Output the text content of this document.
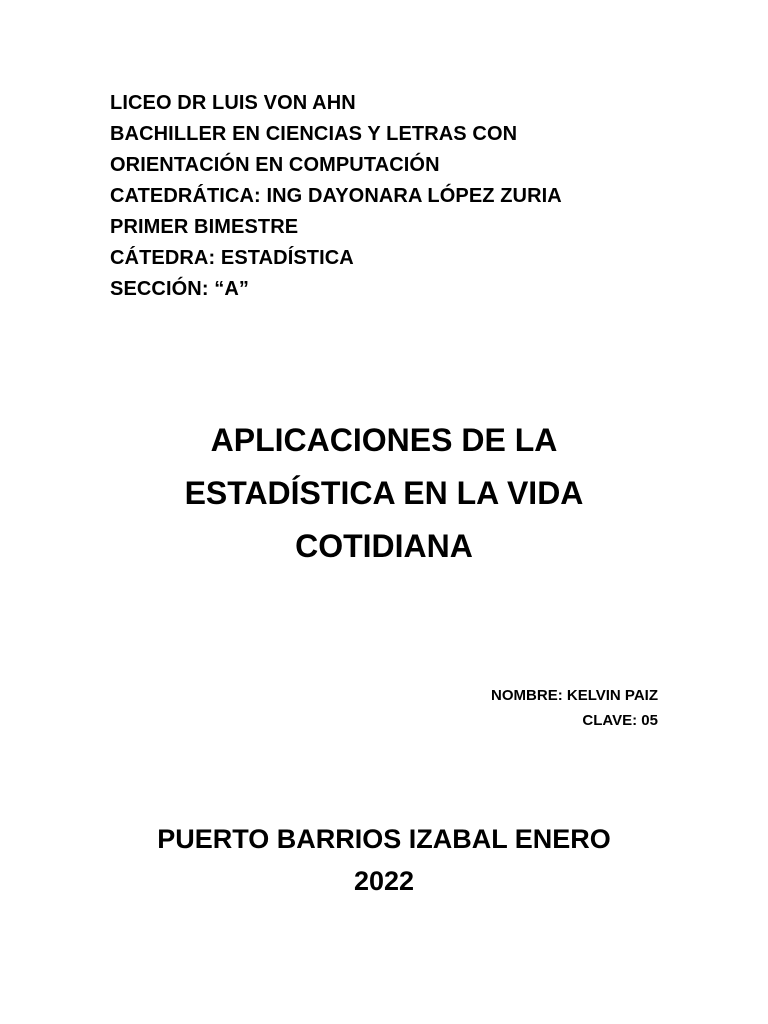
LICEO DR LUIS VON AHN
BACHILLER EN CIENCIAS Y LETRAS CON
ORIENTACIÓN EN COMPUTACIÓN
CATEDRÁTICA: ING DAYONARA LÓPEZ ZURIA
PRIMER BIMESTRE
CÁTEDRA: ESTADÍSTICA
SECCIÓN: “A”
APLICACIONES DE LA
ESTADÍSTICA EN LA VIDA
COTIDIANA
NOMBRE: KELVIN PAIZ
CLAVE: 05
PUERTO BARRIOS IZABAL ENERO
2022
